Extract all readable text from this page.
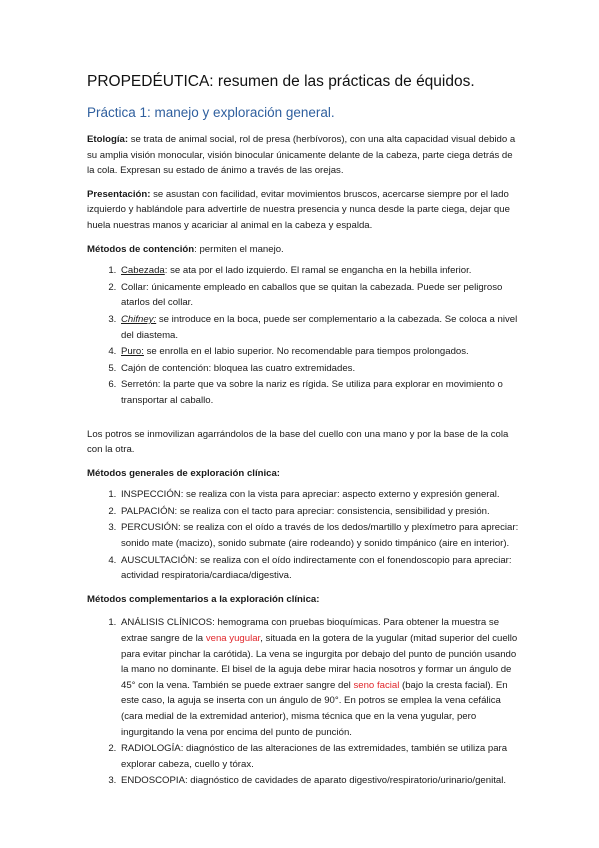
PROPEDÉUTICA: resumen de las prácticas de équidos.
Práctica 1: manejo y exploración general.

Etología: se trata de animal social, rol de presa (herbívoros), con una alta capacidad visual debido a su amplia visión monocular, visión binocular únicamente delante de la cabeza, parte ciega detrás de la cola. Expresan su estado de ánimo a través de las orejas.

Presentación: se asustan con facilidad, evitar movimientos bruscos, acercarse siempre por el lado izquierdo y hablándole para advertirle de nuestra presencia y nunca desde la parte ciega, dejar que huela nuestras manos y acariciar al animal en la cabeza y espalda.

Métodos de contención: permiten el manejo.

1. Cabezada: se ata por el lado izquierdo. El ramal se engancha en la hebilla inferior.
2. Collar: únicamente empleado en caballos que se quitan la cabezada. Puede ser peligroso atarlos del collar.
3. Chifney: se introduce en la boca, puede ser complementario a la cabezada. Se coloca a nivel del diastema.
4. Puro: se enrolla en el labio superior. No recomendable para tiempos prolongados.
5. Cajón de contención: bloquea las cuatro extremidades.
6. Serretón: la parte que va sobre la nariz es rígida. Se utiliza para explorar en movimiento o transportar al caballo.

Los potros se inmovilizan agarrándolos de la base del cuello con una mano y por la base de la cola con la otra.

Métodos generales de exploración clínica:

1. INSPECCIÓN: se realiza con la vista para apreciar: aspecto externo y expresión general.
2. PALPACIÓN: se realiza con el tacto para apreciar: consistencia, sensibilidad y presión.
3. PERCUSIÓN: se realiza con el oído a través de los dedos/martillo y plexímetro para apreciar: sonido mate (macizo), sonido submate (aire rodeando) y sonido timpánico (aire en interior).
4. AUSCULTACIÓN: se realiza con el oído indirectamente con el fonendoscopio para apreciar: actividad respiratoria/cardiaca/digestiva.

Métodos complementarios a la exploración clínica:

1. ANÁLISIS CLÍNICOS: hemograma con pruebas bioquímicas. Para obtener la muestra se extrae sangre de la vena yugular, situada en la gotera de la yugular (mitad superior del cuello para evitar pinchar la carótida). La vena se ingurgita por debajo del punto de punción usando la mano no dominante. El bisel de la aguja debe mirar hacia nosotros y formar un ángulo de 45° con la vena. También se puede extraer sangre del seno facial (bajo la cresta facial). En este caso, la aguja se inserta con un ángulo de 90°. En potros se emplea la vena cefálica (cara medial de la extremidad anterior), misma técnica que en la vena yugular, pero ingurgitando la vena por encima del punto de punción.
2. RADIOLOGÍA: diagnóstico de las alteraciones de las extremidades, también se utiliza para explorar cabeza, cuello y tórax.
3. ENDOSCOPIA: diagnóstico de cavidades de aparato digestivo/respiratorio/urinario/genital.
